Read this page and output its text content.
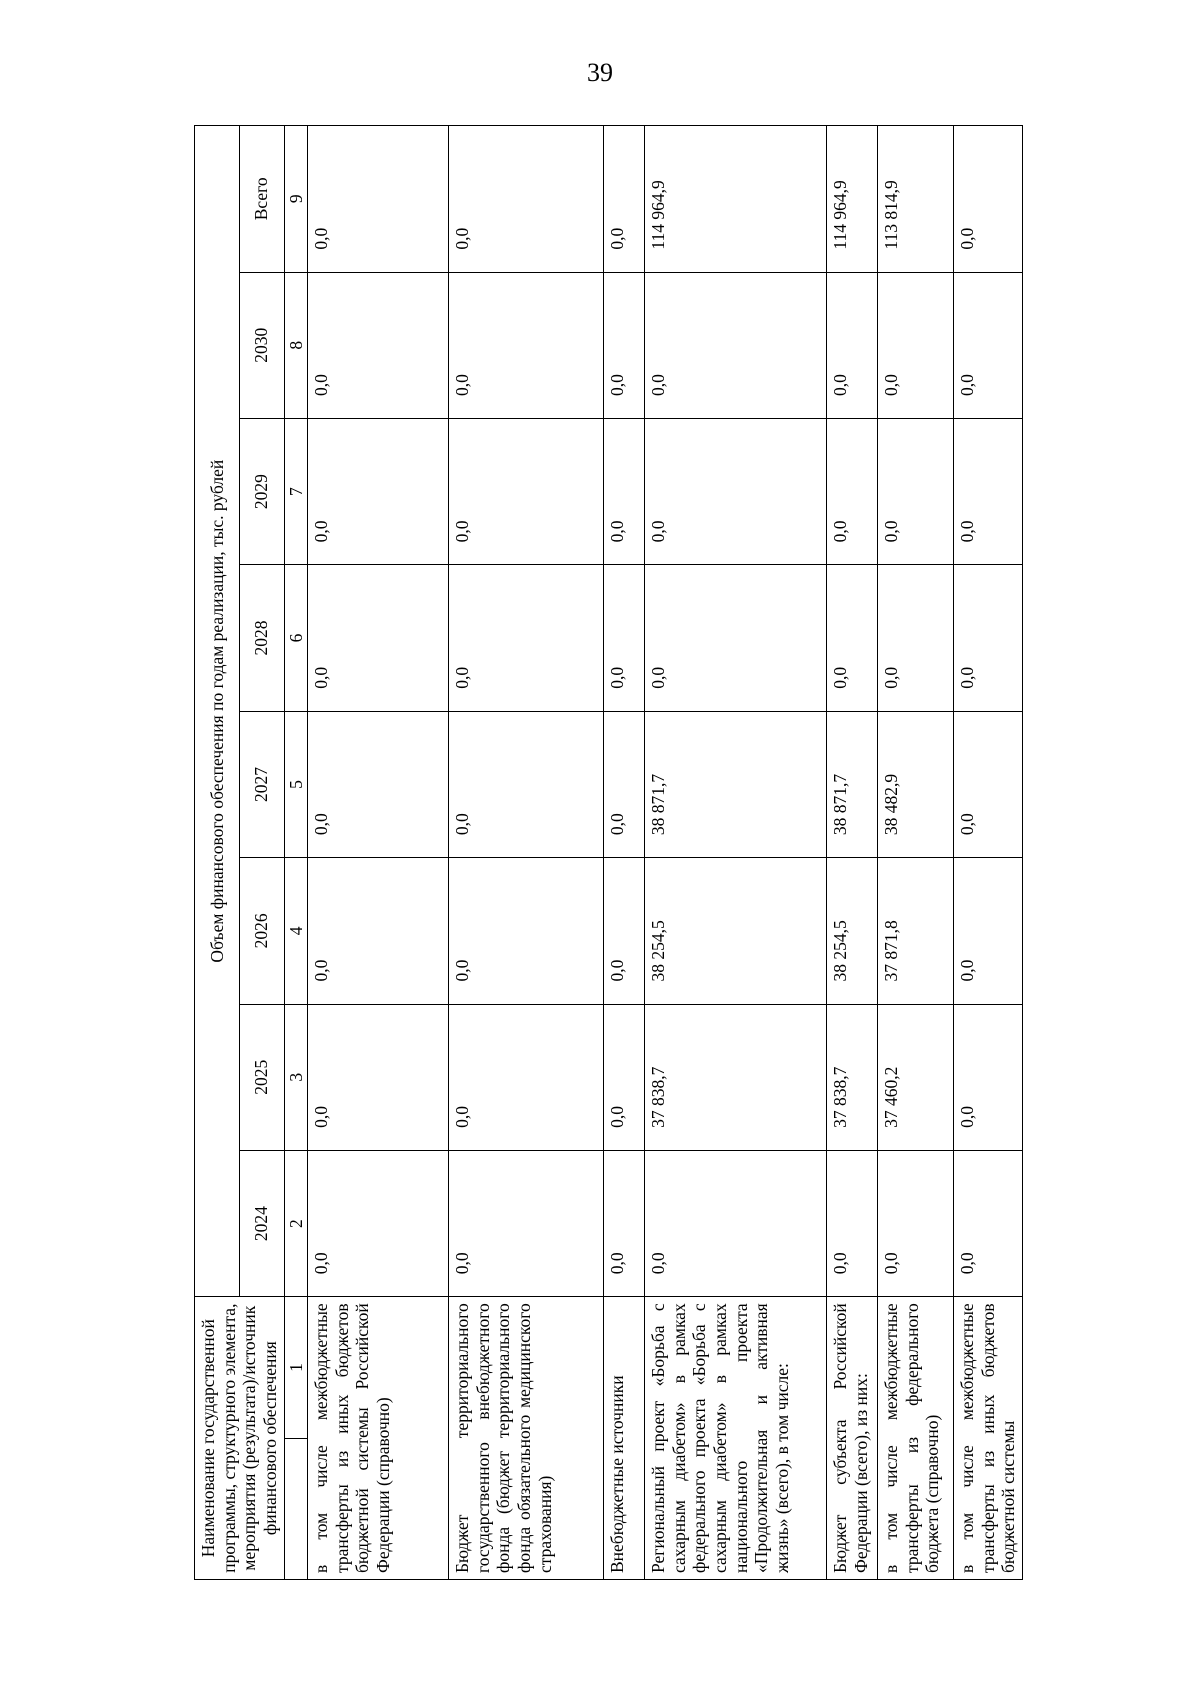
39
Наименование государственной программы, структурного элемента, мероприятия (результата)/источник финансового обеспечения		Объем финансового обеспечения по годам реализации, тыс. рублей							
		2024	2025	2026	2027	2028	2029	2030	Всего
	1	2	3	4	5	6	7	8	9
в том числе межбюджетные трансферты из иных бюджетов бюджетной системы Российской Федерации (справочно)		0,0	0,0	0,0	0,0	0,0	0,0	0,0	0,0
Бюджет территориального государственного внебюджетного фонда (бюджет территориального фонда обязательного медицинского страхования)		0,0	0,0	0,0	0,0	0,0	0,0	0,0	0,0
Внебюджетные источники		0,0	0,0	0,0	0,0	0,0	0,0	0,0	0,0
Региональный проект «Борьба с сахарным диабетом» в рамках федерального проекта «Борьба с сахарным диабетом» в рамках национального проекта «Продолжительная и активная жизнь» (всего), в том числе:		0,0	37 838,7	38 254,5	38 871,7	0,0	0,0	0,0	114 964,9
Бюджет субъекта Российской Федерации (всего), из них:		0,0	37 838,7	38 254,5	38 871,7	0,0	0,0	0,0	114 964,9
в том числе межбюджетные трансферты из федерального бюджета (справочно)		0,0	37 460,2	37 871,8	38 482,9	0,0	0,0	0,0	113 814,9
в том числе межбюджетные трансферты из иных бюджетов бюджетной системы		0,0	0,0	0,0	0,0	0,0	0,0	0,0	0,0
